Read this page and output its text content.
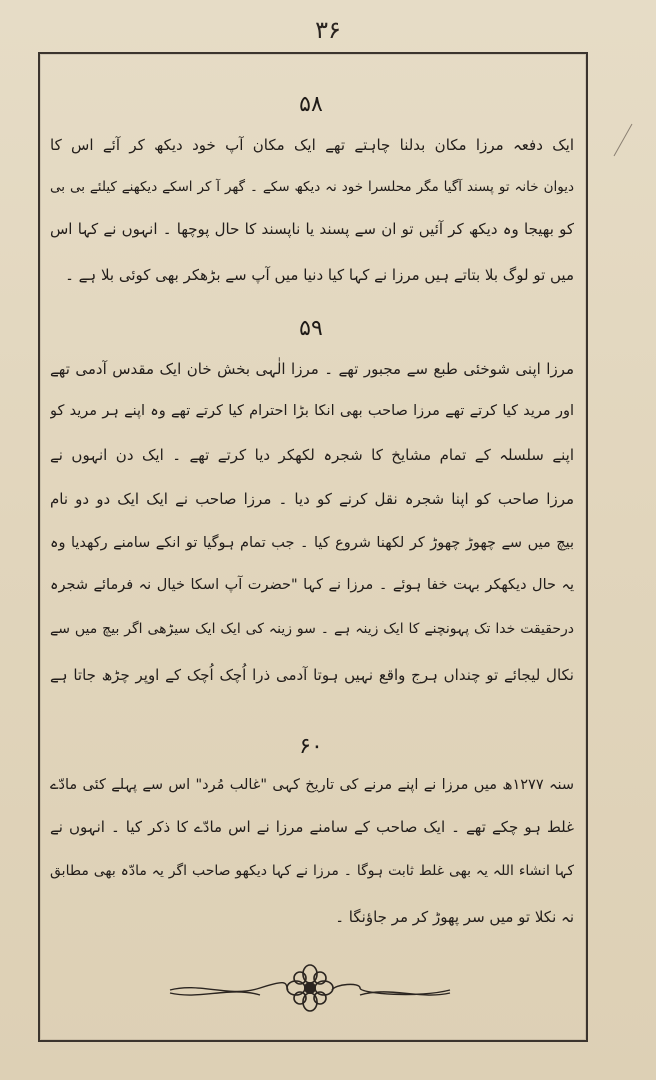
۳۶
۵۸
ایک دفعہ مرزا مکان بدلنا چاہتے تھے ایک مکان آپ خود دیکھ کر آئے اس کا
دیوان خانہ تو پسند آگیا مگر محلسرا خود نہ دیکھ سکے ۔ گھر آ کر اسکے دیکھنے کیلئے بی بی
کو بھیجا وہ دیکھ کر آئیں تو ان سے پسند یا ناپسند کا حال پوچھا ۔ انہوں نے کہا اس
میں تو لوگ بلا بتاتے ہیں مرزا نے کہا کیا دنیا میں آپ سے بڑھکر بھی کوئی بلا ہے ۔
۵۹
مرزا اپنی شوخئی طبع سے مجبور تھے ۔ مرزا الٰہی بخش خان ایک مقدس آدمی تھے
اور مرید کیا کرتے تھے مرزا صاحب بھی انکا بڑا احترام کیا کرتے تھے وہ اپنے ہر مرید کو
اپنے سلسلہ کے تمام مشایخ کا شجرہ لکھکر دیا کرتے تھے ۔ ایک دن انہوں نے
مرزا صاحب کو اپنا شجرہ نقل کرنے کو دیا ۔ مرزا صاحب نے ایک ایک دو دو نام
بیچ میں سے چھوڑ چھوڑ کر لکھنا شروع کیا ۔ جب تمام ہوگیا تو انکے سامنے رکھدیا وہ
یہ حال دیکھکر بہت خفا ہوئے ۔ مرزا نے کہا "حضرت آپ اسکا خیال نہ فرمائے شجرہ
درحقیقت خدا تک پہونچنے کا ایک زینہ ہے ۔ سو زینہ کی ایک ایک سیڑھی اگر بیچ میں سے
نکال لیجائے تو چنداں ہرج واقع نہیں ہوتا آدمی ذرا اُچک اُچک کے اوپر چڑھ جاتا ہے
۶۰
سنہ ۱۲۷۷ھ میں مرزا نے اپنے مرنے کی تاریخ کہی "غالب مُرد" اس سے پہلے کئی مادّے
غلط ہو چکے تھے ۔ ایک صاحب کے سامنے مرزا نے اس مادّے کا ذکر کیا ۔ انہوں نے
کہا انشاء اللہ یہ بھی غلط ثابت ہوگا ۔ مرزا نے کہا دیکھو صاحب اگر یہ مادّہ بھی مطابق
نہ نکلا تو میں سر پھوڑ کر مر جاؤنگا ۔
